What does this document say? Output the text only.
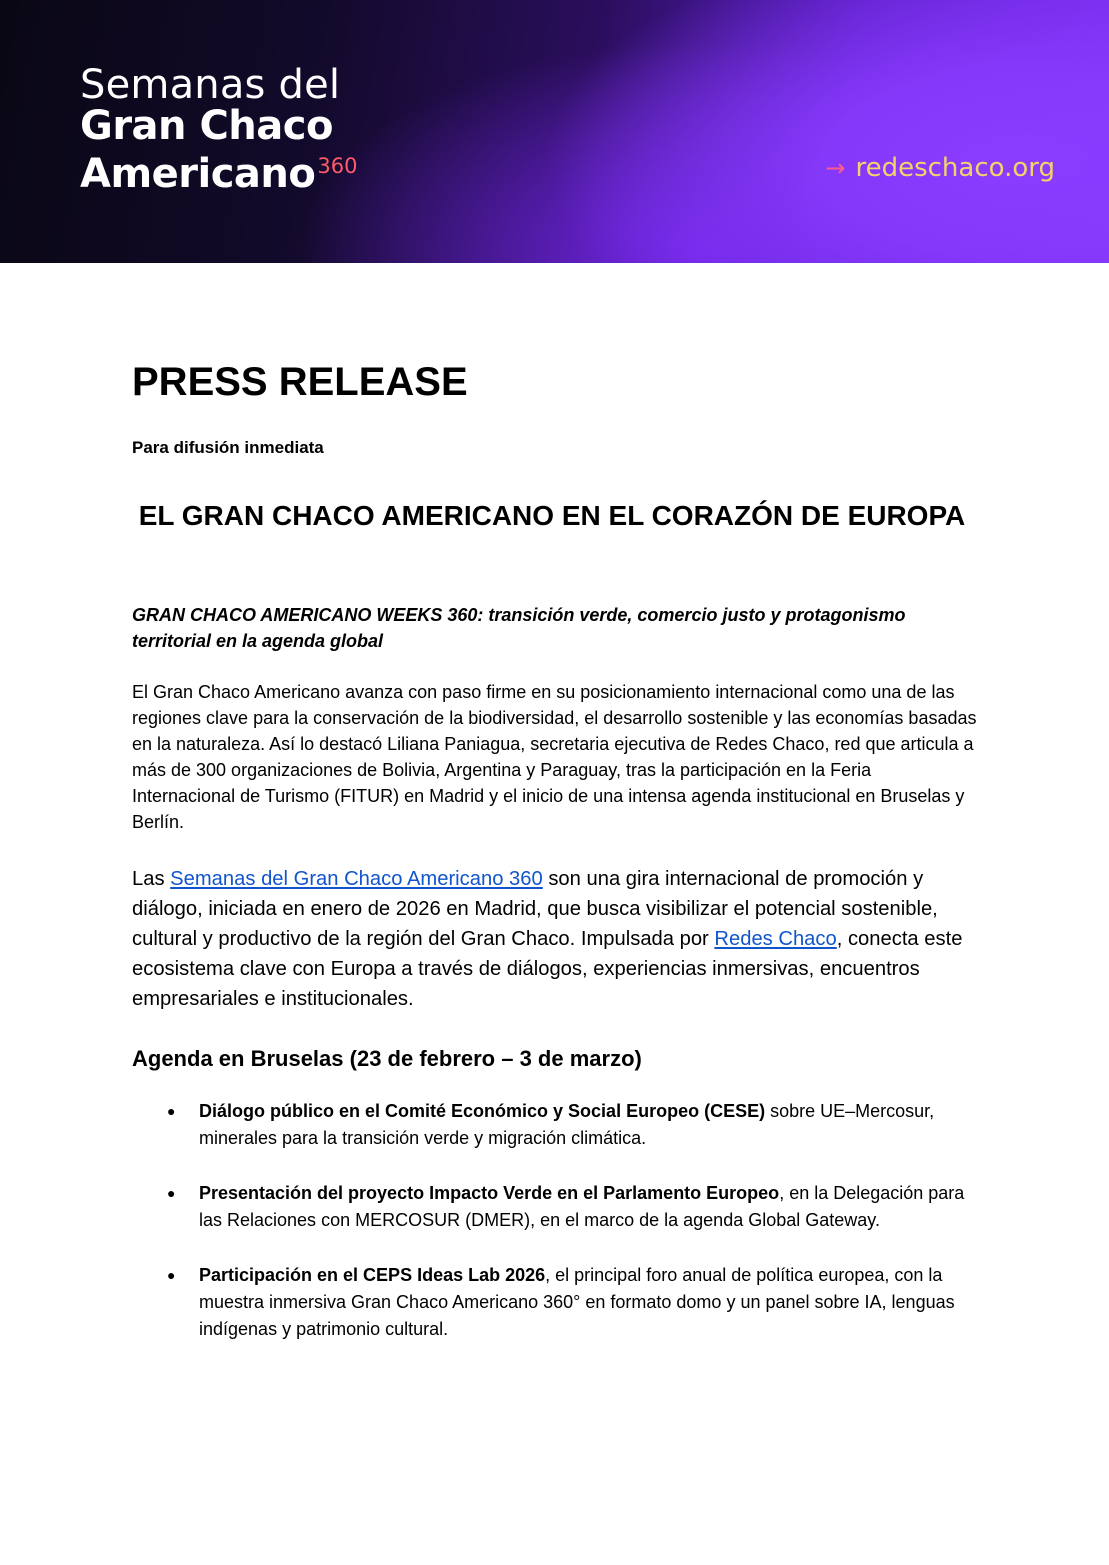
Semanas del
Gran Chaco
Americano$^{360}$	→ redeschaco.org
PRESS RELEASE
Para difusión inmediata
EL GRAN CHACO AMERICANO EN EL CORAZÓN DE EUROPA
GRAN CHACO AMERICANO WEEKS 360: transición verde, comercio justo y protagonismo territorial en la agenda global

El Gran Chaco Americano avanza con paso firme en su posicionamiento internacional como una de las regiones clave para la conservación de la biodiversidad, el desarrollo sostenible y las economías basadas en la naturaleza. Así lo destacó Liliana Paniagua, secretaria ejecutiva de Redes Chaco, red que articula a más de 300 organizaciones de Bolivia, Argentina y Paraguay, tras la participación en la Feria Internacional de Turismo (FITUR) en Madrid y el inicio de una intensa agenda institucional en Bruselas y Berlín.

Las Semanas del Gran Chaco Americano 360 son una gira internacional de promoción y diálogo, iniciada en enero de 2026 en Madrid, que busca visibilizar el potencial sostenible, cultural y productivo de la región del Gran Chaco. Impulsada por Redes Chaco, conecta este ecosistema clave con Europa a través de diálogos, experiencias inmersivas, encuentros empresariales e institucionales.

Agenda en Bruselas (23 de febrero – 3 de marzo)
● Diálogo público en el Comité Económico y Social Europeo (CESE) sobre UE–Mercosur, minerales para la transición verde y migración climática.
● Presentación del proyecto Impacto Verde en el Parlamento Europeo, en la Delegación para las Relaciones con MERCOSUR (DMER), en el marco de la agenda Global Gateway.
● Participación en el CEPS Ideas Lab 2026, el principal foro anual de política europea, con la muestra inmersiva Gran Chaco Americano 360° en formato domo y un panel sobre IA, lenguas indígenas y patrimonio cultural.
